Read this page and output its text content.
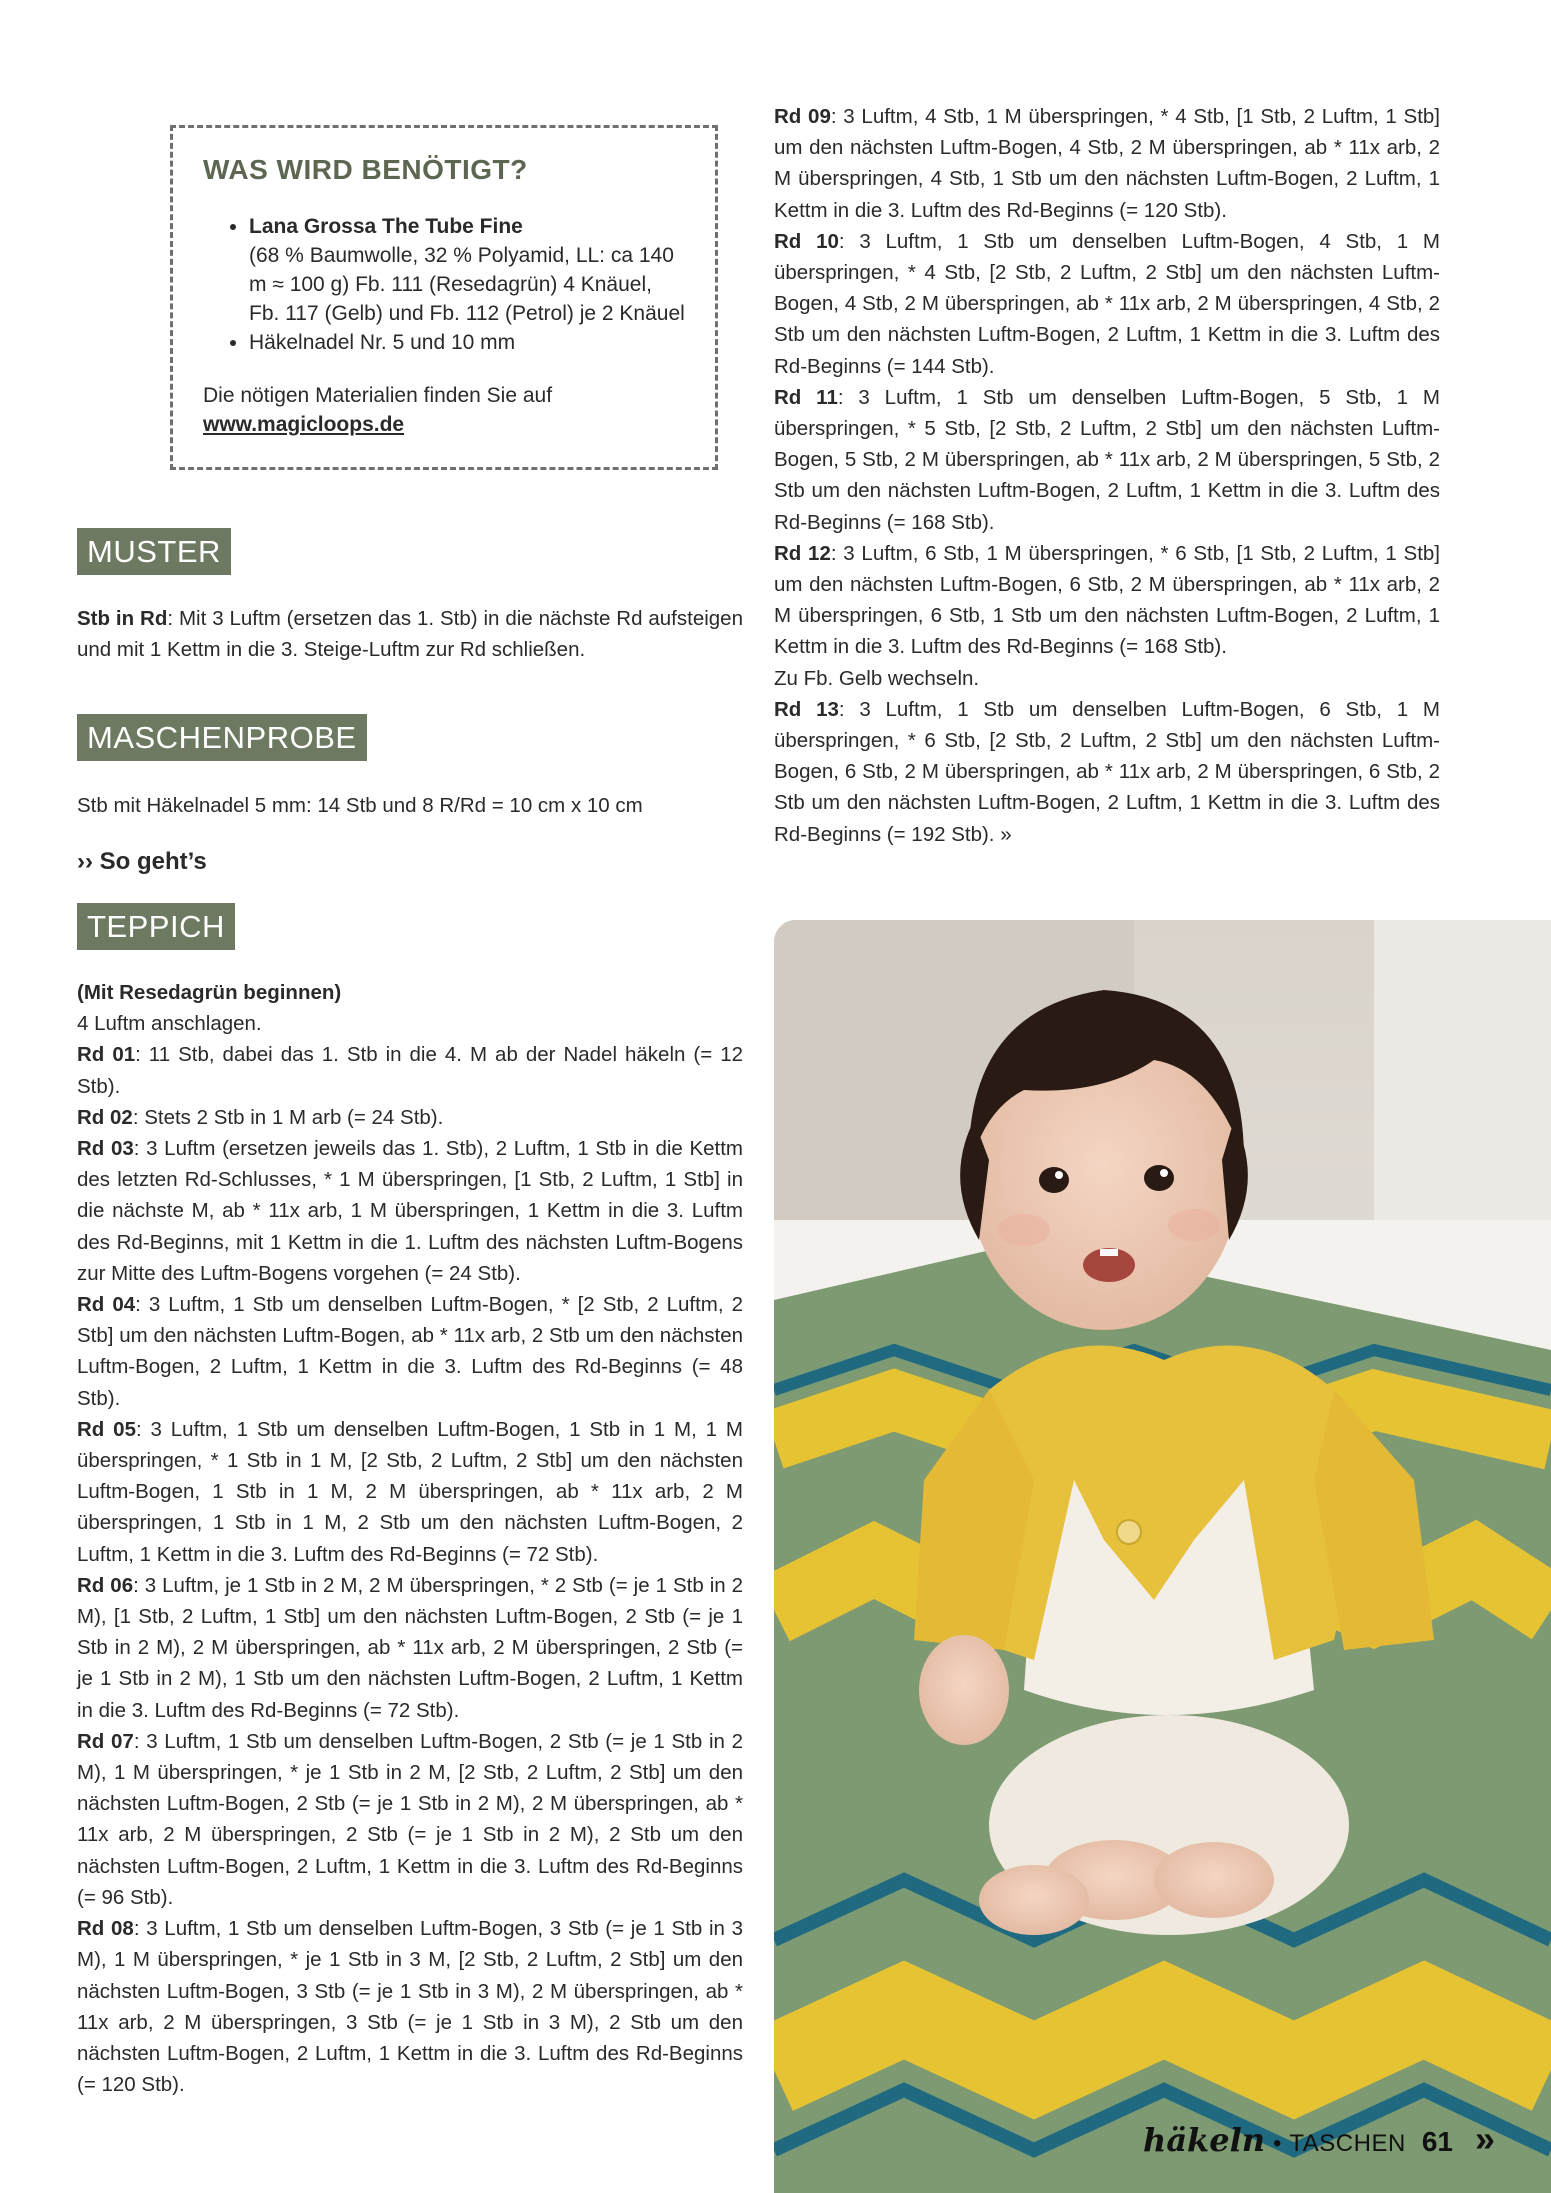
WAS WIRD BENÖTIGT?
• Lana Grossa The Tube Fine
(68 % Baumwolle, 32 % Polyamid, LL: ca 140 m ≈ 100 g) Fb. 111 (Resedagrün) 4 Knäuel, Fb. 117 (Gelb) und Fb. 112 (Petrol) je 2 Knäuel
• Häkelnadel Nr. 5 und 10 mm
Die nötigen Materialien finden Sie auf
www.magicloops.de
MUSTER

Stb in Rd: Mit 3 Luftm (ersetzen das 1. Stb) in die nächste Rd aufsteigen und mit 1 Kettm in die 3. Steige-Luftm zur Rd schließen.

MASCHENPROBE
Stb mit Häkelnadel 5 mm: 14 Stb und 8 R/Rd = 10 cm x 10 cm
›› So geht’s
TEPPICH

(Mit Resedagrün beginnen)

4 Luftm anschlagen.

Rd 01: 11 Stb, dabei das 1. Stb in die 4. M ab der Nadel häkeln (= 12 Stb).

Rd 02: Stets 2 Stb in 1 M arb (= 24 Stb).

Rd 03: 3 Luftm (ersetzen jeweils das 1. Stb), 2 Luftm, 1 Stb in die Kettm des letzten Rd-Schlusses, * 1 M überspringen, [1 Stb, 2 Luftm, 1 Stb] in die nächste M, ab * 11x arb, 1 M überspringen, 1 Kettm in die 3. Luftm des Rd-Beginns, mit 1 Kettm in die 1. Luftm des nächsten Luftm-Bogens zur Mitte des Luftm-Bogens vorgehen (= 24 Stb).

Rd 04: 3 Luftm, 1 Stb um denselben Luftm-Bogen, * [2 Stb, 2 Luftm, 2 Stb] um den nächsten Luftm-Bogen, ab * 11x arb, 2 Stb um den nächsten Luftm-Bogen, 2 Luftm, 1 Kettm in die 3. Luftm des Rd-Beginns (= 48 Stb).

Rd 05: 3 Luftm, 1 Stb um denselben Luftm-Bogen, 1 Stb in 1 M, 1 M überspringen, * 1 Stb in 1 M, [2 Stb, 2 Luftm, 2 Stb] um den nächsten Luftm-Bogen, 1 Stb in 1 M, 2 M überspringen, ab * 11x arb, 2 M überspringen, 1 Stb in 1 M, 2 Stb um den nächsten Luftm-Bogen, 2 Luftm, 1 Kettm in die 3. Luftm des Rd-Beginns (= 72 Stb).

Rd 06: 3 Luftm, je 1 Stb in 2 M, 2 M überspringen, * 2 Stb (= je 1 Stb in 2 M), [1 Stb, 2 Luftm, 1 Stb] um den nächsten Luftm-Bogen, 2 Stb (= je 1 Stb in 2 M), 2 M überspringen, ab * 11x arb, 2 M überspringen, 2 Stb (= je 1 Stb in 2 M), 1 Stb um den nächsten Luftm-Bogen, 2 Luftm, 1 Kettm in die 3. Luftm des Rd-Beginns (= 72 Stb).

Rd 07: 3 Luftm, 1 Stb um denselben Luftm-Bogen, 2 Stb (= je 1 Stb in 2 M), 1 M überspringen, * je 1 Stb in 2 M, [2 Stb, 2 Luftm, 2 Stb] um den nächsten Luftm-Bogen, 2 Stb (= je 1 Stb in 2 M), 2 M überspringen, ab * 11x arb, 2 M überspringen, 2 Stb (= je 1 Stb in 2 M), 2 Stb um den nächsten Luftm-Bogen, 2 Luftm, 1 Kettm in die 3. Luftm des Rd-Beginns (= 96 Stb).

Rd 08: 3 Luftm, 1 Stb um denselben Luftm-Bogen, 3 Stb (= je 1 Stb in 3 M), 1 M überspringen, * je 1 Stb in 3 M, [2 Stb, 2 Luftm, 2 Stb] um den nächsten Luftm-Bogen, 3 Stb (= je 1 Stb in 3 M), 2 M überspringen, ab * 11x arb, 2 M überspringen, 3 Stb (= je 1 Stb in 3 M), 2 Stb um den nächsten Luftm-Bogen, 2 Luftm, 1 Kettm in die 3. Luftm des Rd-Beginns (= 120 Stb).

Rd 09: 3 Luftm, 4 Stb, 1 M überspringen, * 4 Stb, [1 Stb, 2 Luftm, 1 Stb] um den nächsten Luftm-Bogen, 4 Stb, 2 M überspringen, ab * 11x arb, 2 M überspringen, 4 Stb, 1 Stb um den nächsten Luftm-Bogen, 2 Luftm, 1 Kettm in die 3. Luftm des Rd-Beginns (= 120 Stb).

Rd 10: 3 Luftm, 1 Stb um denselben Luftm-Bogen, 4 Stb, 1 M überspringen, * 4 Stb, [2 Stb, 2 Luftm, 2 Stb] um den nächsten Luftm-Bogen, 4 Stb, 2 M überspringen, ab * 11x arb, 2 M überspringen, 4 Stb, 2 Stb um den nächsten Luftm-Bogen, 2 Luftm, 1 Kettm in die 3. Luftm des Rd-Beginns (= 144 Stb).

Rd 11: 3 Luftm, 1 Stb um denselben Luftm-Bogen, 5 Stb, 1 M überspringen, * 5 Stb, [2 Stb, 2 Luftm, 2 Stb] um den nächsten Luftm-Bogen, 5 Stb, 2 M überspringen, ab * 11x arb, 2 M überspringen, 5 Stb, 2 Stb um den nächsten Luftm-Bogen, 2 Luftm, 1 Kettm in die 3. Luftm des Rd-Beginns (= 168 Stb).

Rd 12: 3 Luftm, 6 Stb, 1 M überspringen, * 6 Stb, [1 Stb, 2 Luftm, 1 Stb] um den nächsten Luftm-Bogen, 6 Stb, 2 M überspringen, ab * 11x arb, 2 M überspringen, 6 Stb, 1 Stb um den nächsten Luftm-Bogen, 2 Luftm, 1 Kettm in die 3. Luftm des Rd-Beginns (= 168 Stb).

Zu Fb. Gelb wechseln.

Rd 13: 3 Luftm, 1 Stb um denselben Luftm-Bogen, 6 Stb, 1 M überspringen, * 6 Stb, [2 Stb, 2 Luftm, 2 Stb] um den nächsten Luftm-Bogen, 6 Stb, 2 M überspringen, ab * 11x arb, 2 M überspringen, 6 Stb, 2 Stb um den nächsten Luftm-Bogen, 2 Luftm, 1 Kettm in die 3. Luftm des Rd-Beginns (= 192 Stb). »

häkeln • TASCHEN 61 »
